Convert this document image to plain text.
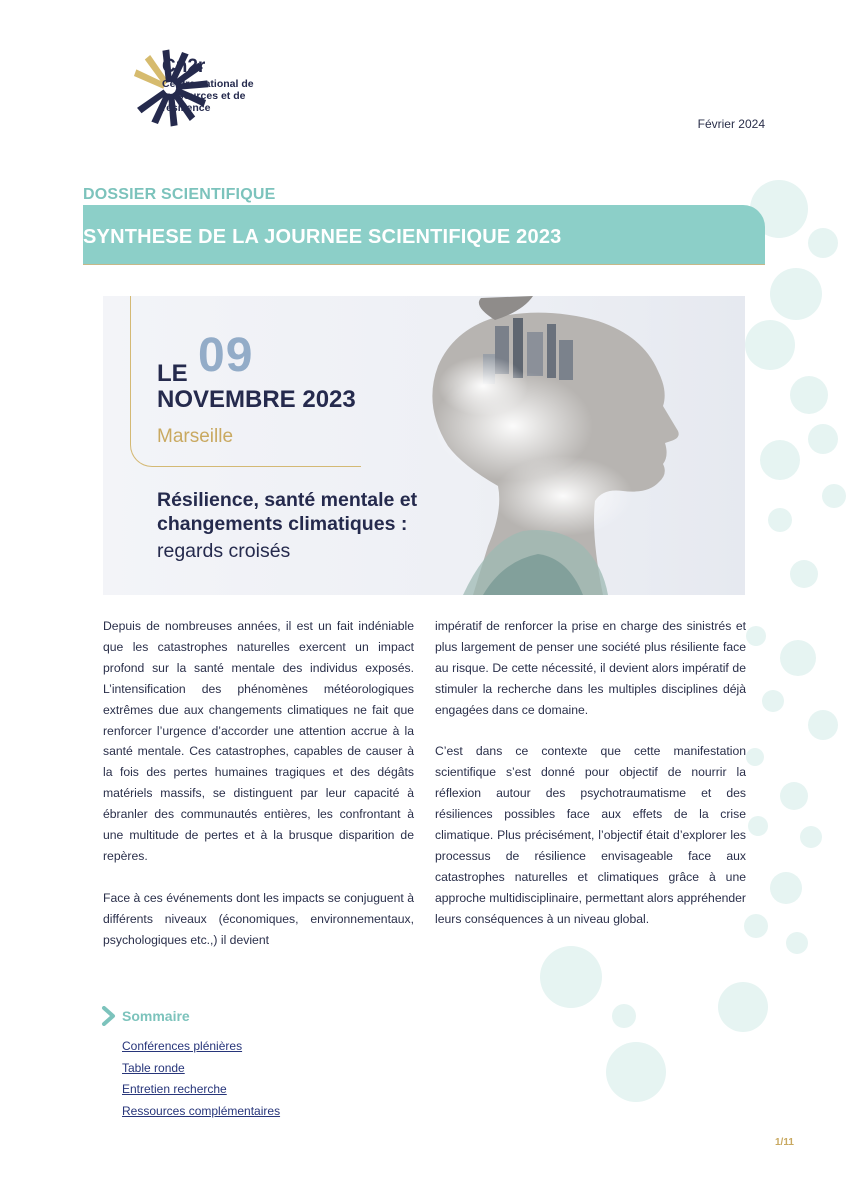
Cn2r
Centre national de ressources et de résilience
Février 2024
DOSSIER SCIENTIFIQUE
SYNTHESE DE LA JOURNEE SCIENTIFIQUE 2023
LE 09
NOVEMBRE 2023
Marseille
Résilience, santé mentale et changements climatiques :
regards croisés

Depuis de nombreuses années, il est un fait indéniable que les catastrophes naturelles exercent un impact profond sur la santé mentale des individus exposés. L’intensification des phénomènes météorologiques extrêmes due aux changements climatiques ne fait que renforcer l’urgence d’accorder une attention accrue à la santé mentale. Ces catastrophes, capables de causer à la fois des pertes humaines tragiques et des dégâts matériels massifs, se distinguent par leur capacité à ébranler des communautés entières, les confrontant à une multitude de pertes et à la brusque disparition de repères.

Face à ces événements dont les impacts se conjuguent à différents niveaux (économiques, environnementaux, psychologiques etc.,) il devient

impératif de renforcer la prise en charge des sinistrés et plus largement de penser une société plus résiliente face au risque. De cette nécessité, il devient alors impératif de stimuler la recherche dans les multiples disciplines déjà engagées dans ce domaine.

C’est dans ce contexte que cette manifestation scientifique s’est donné pour objectif de nourrir la réflexion autour des psychotraumatisme et des résiliences possibles face aux effets de la crise climatique. Plus précisément, l’objectif était d’explorer les processus de résilience envisageable face aux catastrophes naturelles et climatiques grâce à une approche multidisciplinaire, permettant alors appréhender leurs conséquences à un niveau global.

Sommaire
Conférences plénières
Table ronde
Entretien recherche
Ressources complémentaires
1/11
